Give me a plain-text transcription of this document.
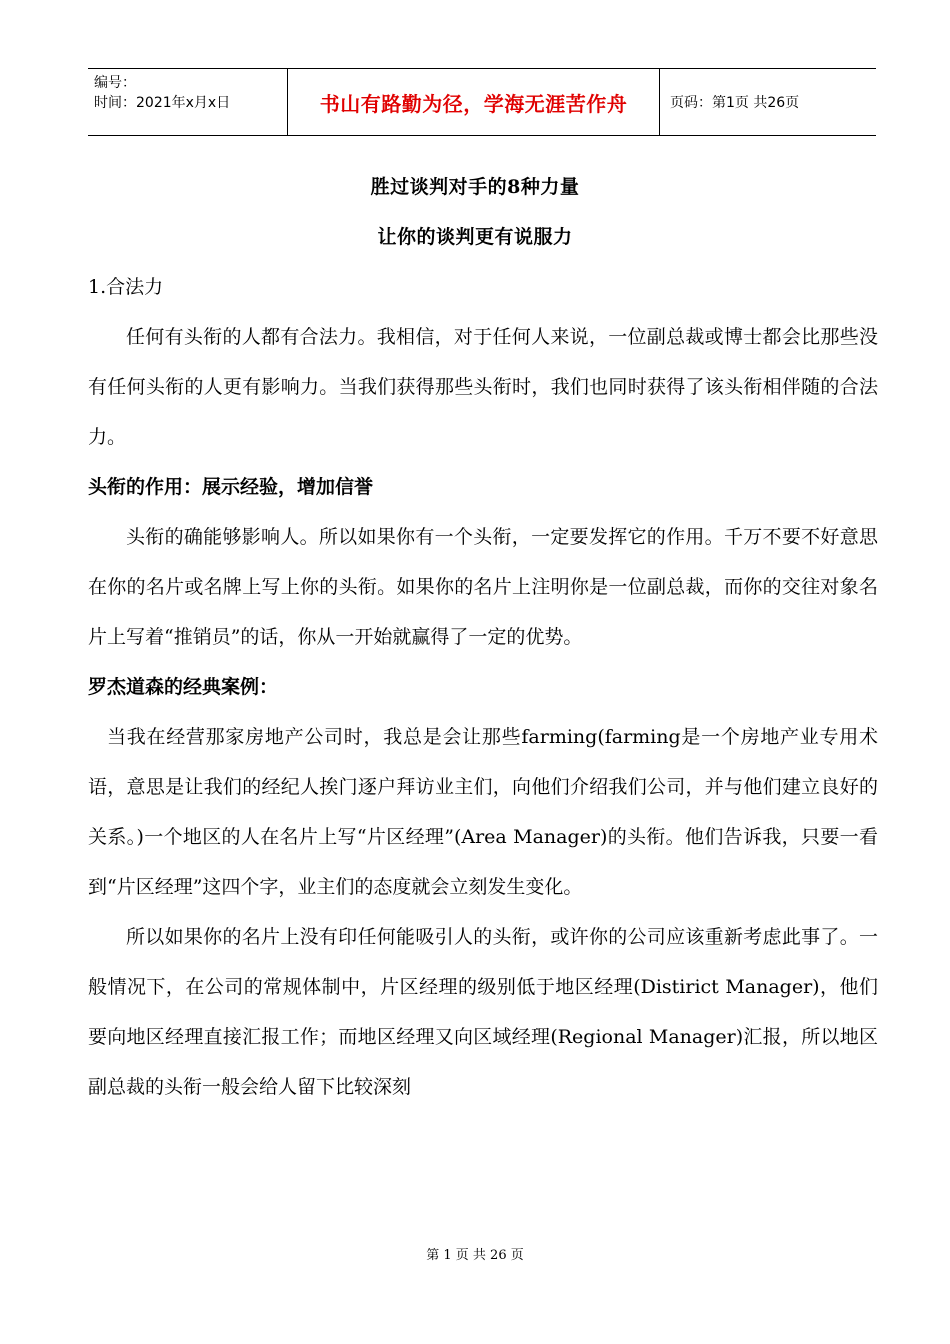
编号：
时间：2021年x月x日	书山有路勤为径，学海无涯苦作舟	页码：第1页 共26页
胜过谈判对手的8种力量
让你的谈判更有说服力

1.合法力

任何有头衔的人都有合法力。我相信，对于任何人来说，一位副总裁或博士都会比那些没有任何头衔的人更有影响力。当我们获得那些头衔时，我们也同时获得了该头衔相伴随的合法力。

头衔的作用：展示经验，增加信誉

头衔的确能够影响人。所以如果你有一个头衔，一定要发挥它的作用。千万不要不好意思在你的名片或名牌上写上你的头衔。如果你的名片上注明你是一位副总裁，而你的交往对象名片上写着“推销员”的话，你从一开始就赢得了一定的优势。

罗杰道森的经典案例：

当我在经营那家房地产公司时，我总是会让那些farming(farming是一个房地产业专用术语，意思是让我们的经纪人挨门逐户拜访业主们，向他们介绍我们公司，并与他们建立良好的关系。)一个地区的人在名片上写“片区经理”(Area Manager)的头衔。他们告诉我，只要一看到“片区经理”这四个字，业主们的态度就会立刻发生变化。

所以如果你的名片上没有印任何能吸引人的头衔，或许你的公司应该重新考虑此事了。一般情况下，在公司的常规体制中，片区经理的级别低于地区经理(Distirict Manager)，他们要向地区经理直接汇报工作；而地区经理又向区域经理(Regional Manager)汇报，所以地区副总裁的头衔一般会给人留下比较深刻

第 1 页 共 26 页
